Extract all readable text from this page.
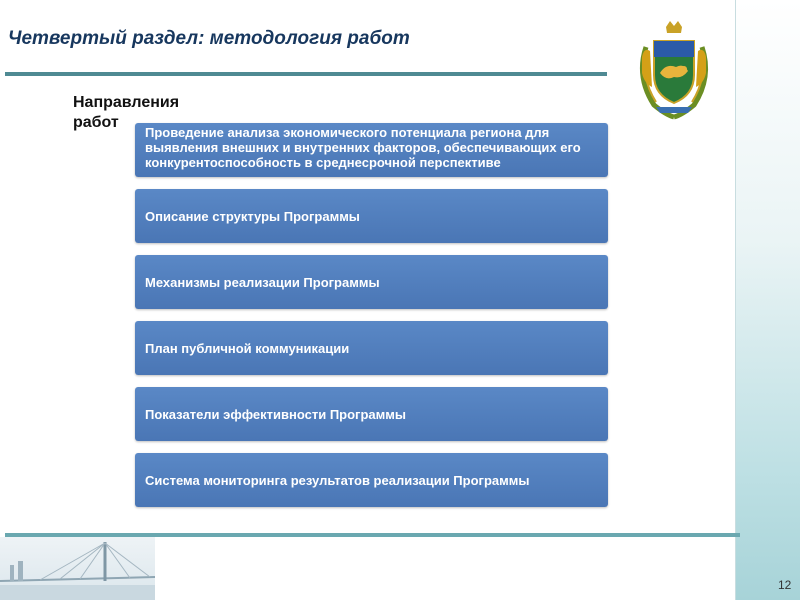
Четвертый раздел: методология работ
Направления
работ
Проведение анализа экономического потенциала региона для выявления внешних и внутренних факторов, обеспечивающих его конкурентоспособность в среднесрочной перспективе
Описание структуры Программы
Механизмы реализации Программы
План публичной коммуникации
Показатели эффективности Программы
Система мониторинга результатов реализации Программы
12
